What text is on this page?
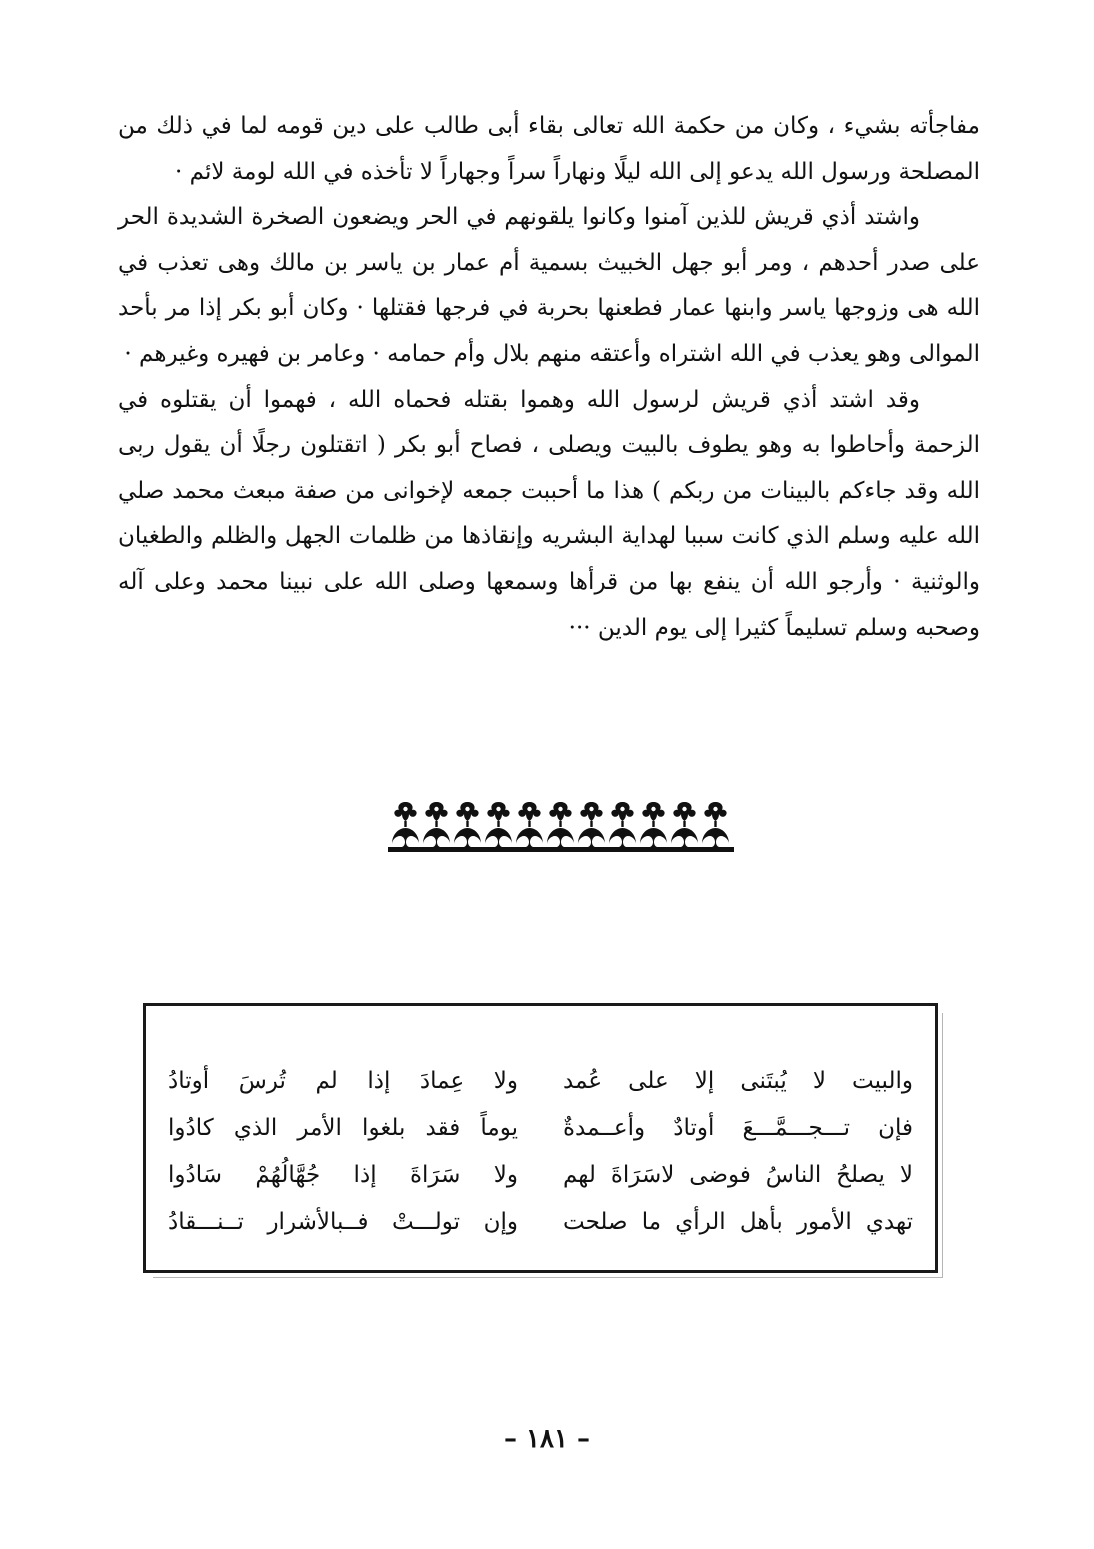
مفاجأته بشيء ، وكان من حكمة الله تعالى بقاء أبى طالب على دين قومه لما في ذلك من المصلحة ورسول الله يدعو إلى الله ليلًا ونهاراً سراً وجهاراً لا تأخذه في الله لومة لائم ·

واشتد أذي قريش للذين آمنوا وكانوا يلقونهم في الحر ويضعون الصخرة الشديدة الحر على صدر أحدهم ، ومر أبو جهل الخبيث بسمية أم عمار بن ياسر بن مالك وهى تعذب في الله هى وزوجها ياسر وابنها عمار فطعنها بحربة في فرجها فقتلها · وكان أبو بكر إذا مر بأحد الموالى وهو يعذب في الله اشتراه وأعتقه منهم بلال وأم حمامه · وعامر بن فهيره وغيرهم ·

وقد اشتد أذي قريش لرسول الله وهموا بقتله فحماه الله ، فهموا أن يقتلوه في الزحمة وأحاطوا به وهو يطوف بالبيت ويصلى ، فصاح أبو بكر ( اتقتلون رجلًا أن يقول ربى الله وقد جاءكم بالبينات من ربكم ) هذا ما أحببت جمعه لإخوانى من صفة مبعث محمد صلي الله عليه وسلم الذي كانت سببا لهداية البشريه وإنقاذها من ظلمات الجهل والظلم والطغيان والوثنية · وأرجو الله أن ينفع بها من قرأها وسمعها وصلى الله على نبينا محمد وعلى آله وصحبه وسلم تسليماً كثيرا إلى يوم الدين ···

والبيت لا يُبتَنى إلا على عُمد
ولا عِمادَ إذا لم تُرسَ أوتادُ
فإن تـــجـــمَّـــعَ أوتادٌ وأعــمدةٌ
يوماً فقد بلغوا الأمر الذي كادُوا
لا يصلحُ الناسُ فوضى لاسَرَاةَ لهم
ولا سَرَاةَ إذا جُهَّالُهُمْ سَادُوا
تهدي الأمور بأهل الرأي ما صلحت
وإن تولـــتْ فــبالأشرار تــنـــقادُ
– ١٨١ –
